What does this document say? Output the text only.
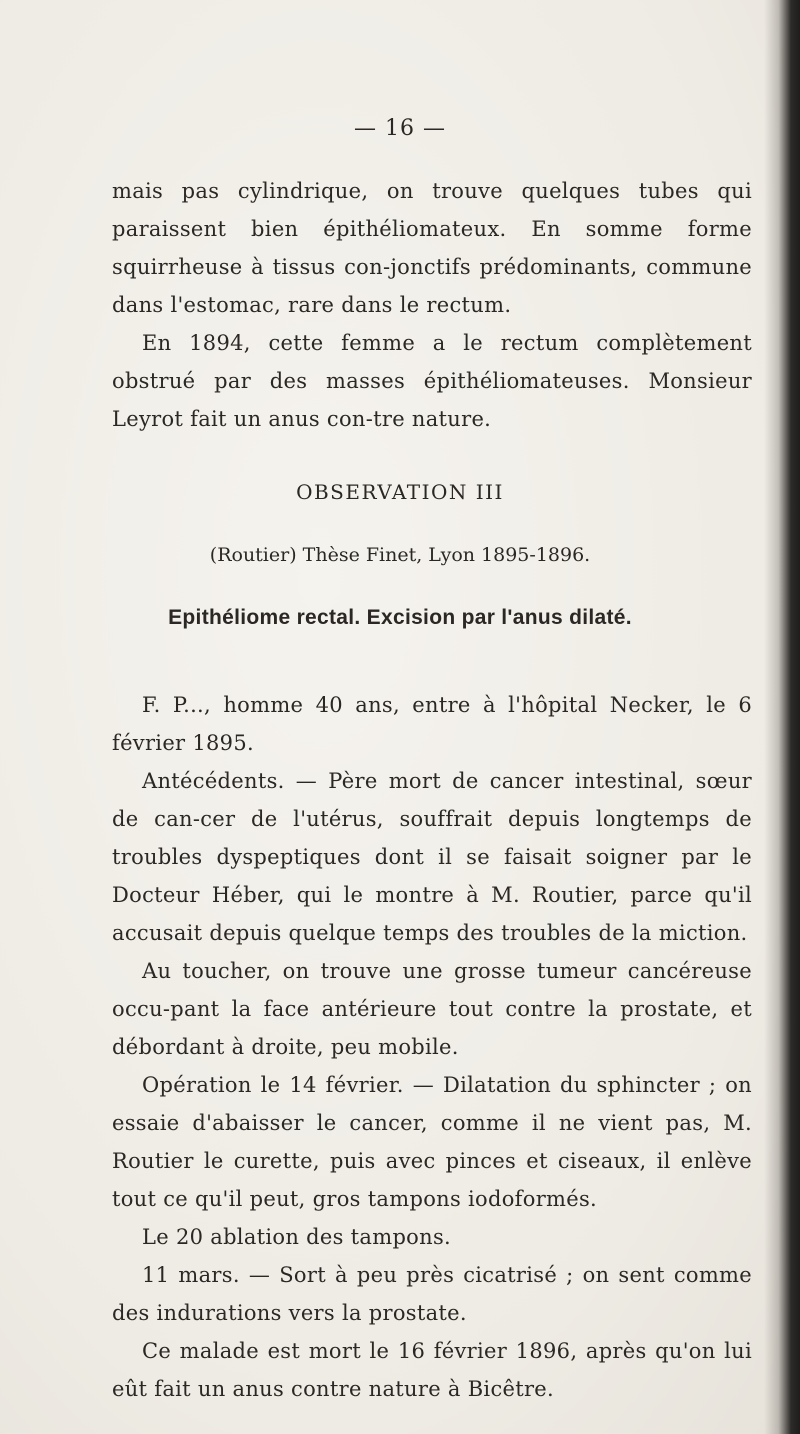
— 16 —

mais pas cylindrique, on trouve quelques tubes qui paraissent bien épithéliomateux. En somme forme squirrheuse à tissus con-jonctifs prédominants, commune dans l'estomac, rare dans le rectum.

En 1894, cette femme a le rectum complètement obstrué par des masses épithéliomateuses. Monsieur Leyrot fait un anus con-tre nature.

OBSERVATION III
(Routier) Thèse Finet, Lyon 1895-1896.
Epithéliome rectal. Excision par l'anus dilaté.

F. P..., homme 40 ans, entre à l'hôpital Necker, le 6 février 1895.

Antécédents. — Père mort de cancer intestinal, sœur de can-cer de l'utérus, souffrait depuis longtemps de troubles dyspeptiques dont il se faisait soigner par le Docteur Héber, qui le montre à M. Routier, parce qu'il accusait depuis quelque temps des troubles de la miction.

Au toucher, on trouve une grosse tumeur cancéreuse occu-pant la face antérieure tout contre la prostate, et débordant à droite, peu mobile.

Opération le 14 février. — Dilatation du sphincter ; on essaie d'abaisser le cancer, comme il ne vient pas, M. Routier le curette, puis avec pinces et ciseaux, il enlève tout ce qu'il peut, gros tampons iodoformés.

Le 20 ablation des tampons.

11 mars. — Sort à peu près cicatrisé ; on sent comme des indurations vers la prostate.

Ce malade est mort le 16 février 1896, après qu'on lui eût fait un anus contre nature à Bicêtre.
